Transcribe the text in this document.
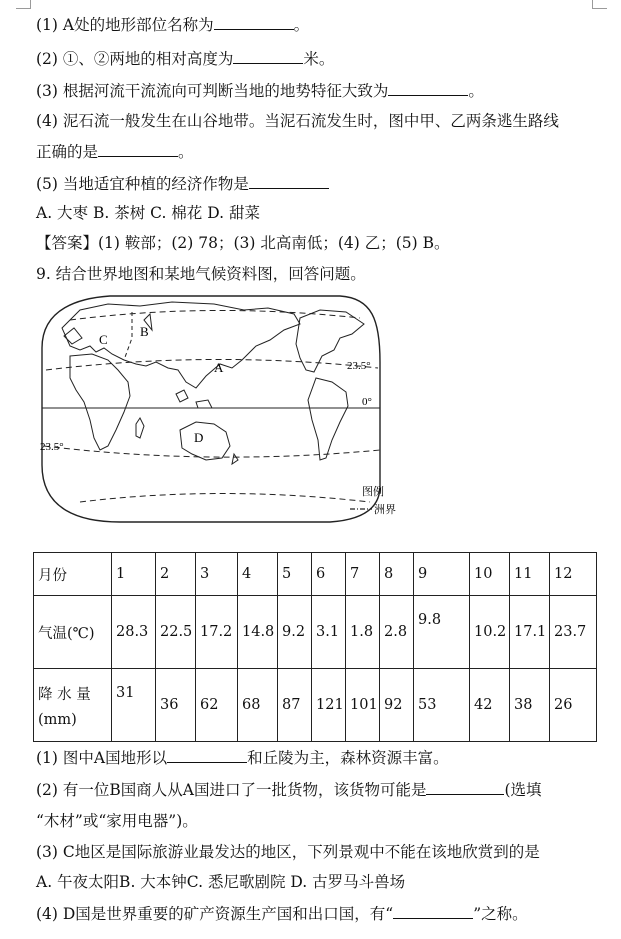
(1) A处的地形部位名称为	。
(2) ①、②两地的相对高度为	米。
(3) 根据河流干流流向可判断当地的地势特征大致为	。
(4) 泥石流一般发生在山谷地带。当泥石流发生时，图中甲、乙两条逃生路线
正确的是	。
(5) 当地适宜种植的经济作物是
A. 大枣 B. 茶树 C. 棉花 D. 甜菜
【答案】(1) 鞍部；(2) 78；(3) 北高南低；(4) 乙；(5) B。
9. 结合世界地图和某地气候资料图，回答问题。
B
C
A
D
23.5°
0°
23.5°
图例
洲界
月份	1	2	3	4	5	6	7	8	9	10	11	12
气温(℃)	28.3	22.5	17.2	14.8	9.2	3.1	1.8	2.8	9.8	10.2	17.1	23.7

降 水 量
(mm)	31	36	62	68	87	121	101	92	53	42	38	26
(1) 图中A国地形以	和丘陵为主，森林资源丰富。
(2) 有一位B国商人从A国进口了一批货物，该货物可能是	(选填
“木材”或“家用电器”)。
(3) C地区是国际旅游业最发达的地区，下列景观中不能在该地欣赏到的是
A. 午夜太阳B. 大本钟C. 悉尼歌剧院 D. 古罗马斗兽场
(4) D国是世界重要的矿产资源生产国和出口国，有“	”之称。
